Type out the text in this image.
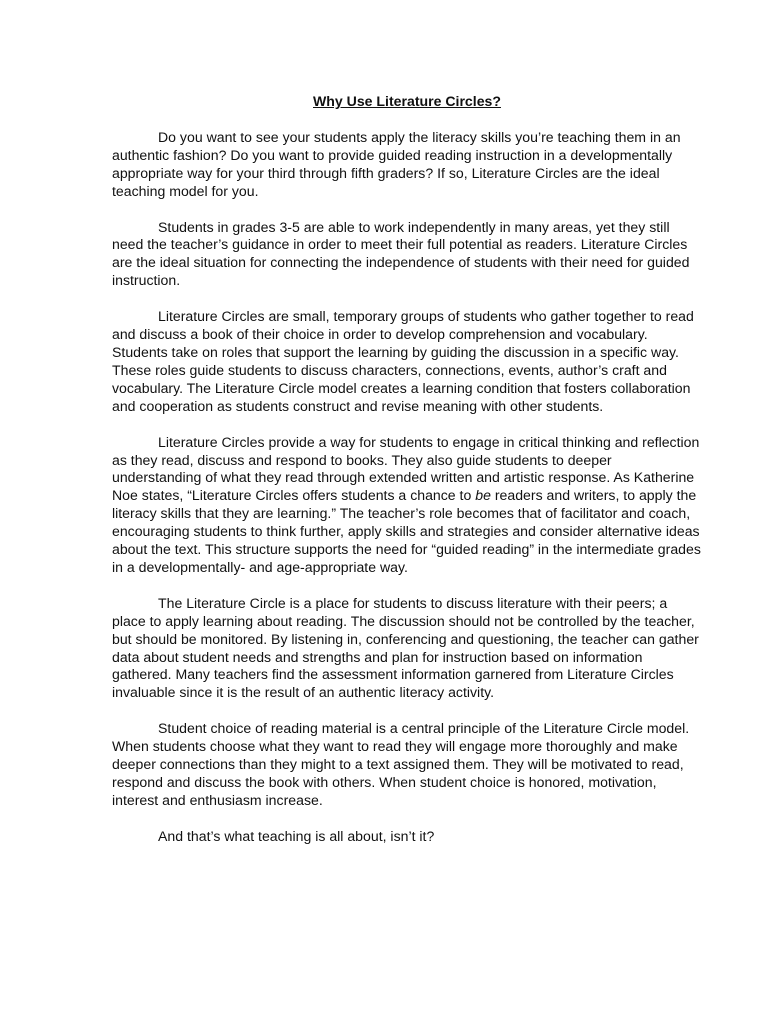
Why Use Literature Circles?

Do you want to see your students apply the literacy skills you’re teaching them in an authentic fashion? Do you want to provide guided reading instruction in a developmentally appropriate way for your third through fifth graders? If so, Literature Circles are the ideal teaching model for you.

Students in grades 3-5 are able to work independently in many areas, yet they still need the teacher’s guidance in order to meet their full potential as readers. Literature Circles are the ideal situation for connecting the independence of students with their need for guided instruction.

Literature Circles are small, temporary groups of students who gather together to read and discuss a book of their choice in order to develop comprehension and vocabulary. Students take on roles that support the learning by guiding the discussion in a specific way. These roles guide students to discuss characters, connections, events, author’s craft and vocabulary. The Literature Circle model creates a learning condition that fosters collaboration and cooperation as students construct and revise meaning with other students.

Literature Circles provide a way for students to engage in critical thinking and reflection as they read, discuss and respond to books. They also guide students to deeper understanding of what they read through extended written and artistic response. As Katherine Noe states, “Literature Circles offers students a chance to be readers and writers, to apply the literacy skills that they are learning.” The teacher’s role becomes that of facilitator and coach, encouraging students to think further, apply skills and strategies and consider alternative ideas about the text. This structure supports the need for “guided reading” in the intermediate grades in a developmentally- and age-appropriate way.

The Literature Circle is a place for students to discuss literature with their peers; a place to apply learning about reading. The discussion should not be controlled by the teacher, but should be monitored. By listening in, conferencing and questioning, the teacher can gather data about student needs and strengths and plan for instruction based on information gathered. Many teachers find the assessment information garnered from Literature Circles invaluable since it is the result of an authentic literacy activity.

Student choice of reading material is a central principle of the Literature Circle model. When students choose what they want to read they will engage more thoroughly and make deeper connections than they might to a text assigned them. They will be motivated to read, respond and discuss the book with others. When student choice is honored, motivation, interest and enthusiasm increase.

And that’s what teaching is all about, isn’t it?
